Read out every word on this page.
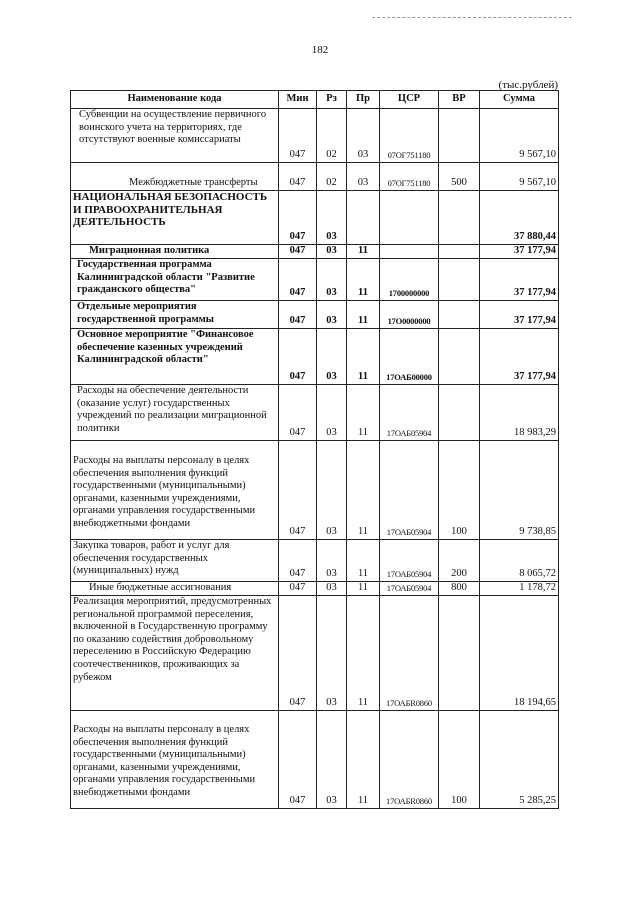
182
(тыс.рублей)
Наименование кода	Мин	Рз	Пр	ЦСР	ВР	Сумма

Субвенции на осуществление первичного воинского учета на территориях, где отсутствуют военные комиссариаты	047	02	03	07ОГ751180		9 567,10

Межбюджетные трансферты	047	02	03	07ОГ751180	500	9 567,10

НАЦИОНАЛЬНАЯ БЕЗОПАСНОСТЬ И ПРАВООХРАНИТЕЛЬНАЯ ДЕЯТЕЛЬНОСТЬ	047	03				37 880,44

Миграционная политика	047	03	11			37 177,94

Государственная программа Калининградской области "Развитие гражданского общества"	047	03	11	1700000000		37 177,94

Отдельные мероприятия государственной программы	047	03	11	17О0000000		37 177,94

Основное мероприятие "Финансовое обеспечение казенных учреждений Калининградской области"	047	03	11	17ОАБ00000		37 177,94

Расходы на обеспечение деятельности (оказание услуг) государственных учреждений по реализации миграционной политики	047	03	11	17ОАБ05904		18 983,29

Расходы на выплаты персоналу в целях обеспечения выполнения функций государственными (муниципальными) органами, казенными учреждениями, органами управления государственными внебюджетными фондами	047	03	11	17ОАБ05904	100	9 738,85

Закупка товаров, работ и услуг для обеспечения государственных (муниципальных) нужд	047	03	11	17ОАБ05904	200	8 065,72

Иные бюджетные ассигнования	047	03	11	17ОАБ05904	800	1 178,72

Реализация мероприятий, предусмотренных региональной программой переселения, включенной в Государственную программу по оказанию содействия добровольному переселению в Российскую Федерацию соотечественников, проживающих за рубежом	047	03	11	17ОАБR0860		18 194,65

Расходы на выплаты персоналу в целях обеспечения выполнения функций государственными (муниципальными) органами, казенными учреждениями, органами управления государственными внебюджетными фондами	047	03	11	17ОАБR0860	100	5 285,25
